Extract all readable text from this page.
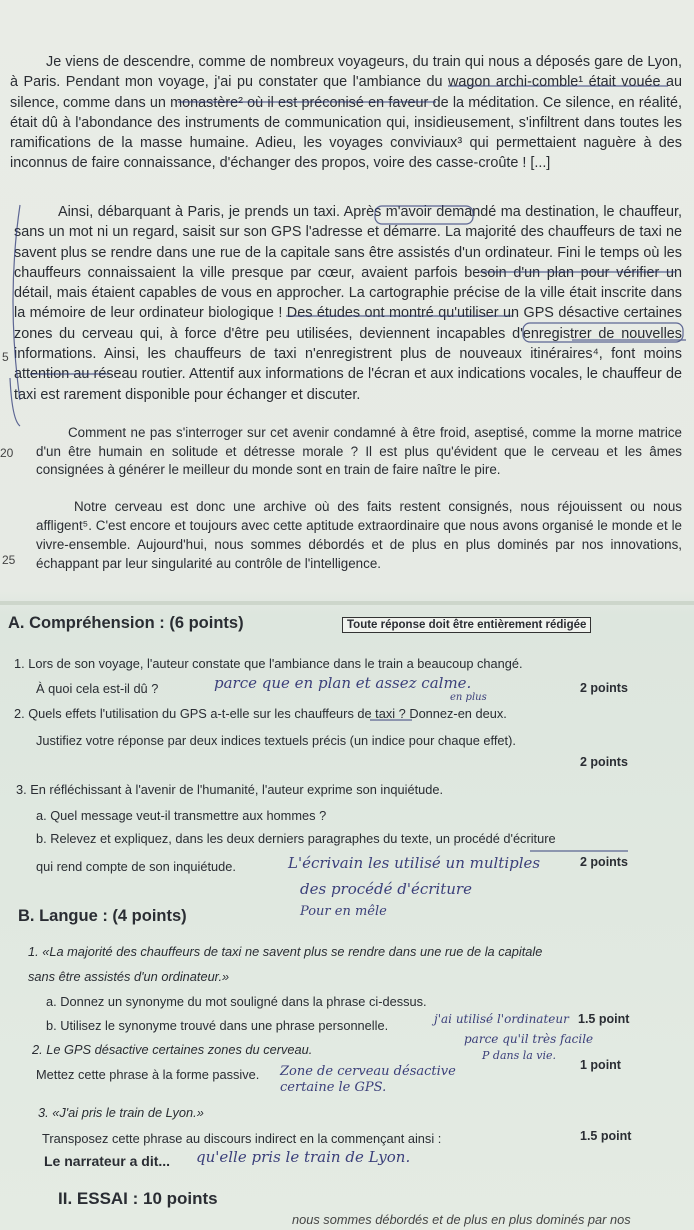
Je viens de descendre, comme de nombreux voyageurs, du train qui nous a déposés gare de Lyon, à Paris. Pendant mon voyage, j'ai pu constater que l'ambiance du wagon archi-comble¹ était vouée au silence, comme dans un monastère² où il est préconisé en faveur de la méditation. Ce silence, en réalité, était dû à l'abondance des instruments de communication qui, insidieusement, s'infiltrent dans toutes les ramifications de la masse humaine. Adieu, les voyages conviviaux³ qui permettaient naguère à des inconnus de faire connaissance, d'échanger des propos, voire des casse-croûte ! [...]
Ainsi, débarquant à Paris, je prends un taxi. Après m'avoir demandé ma destination, le chauffeur, sans un mot ni un regard, saisit sur son GPS l'adresse et démarre. La majorité des chauffeurs de taxi ne savent plus se rendre dans une rue de la capitale sans être assistés d'un ordinateur. Fini le temps où les chauffeurs connaissaient la ville presque par cœur, avaient parfois besoin d'un plan pour vérifier un détail, mais étaient capables de vous en approcher. La cartographie précise de la ville était inscrite dans la mémoire de leur ordinateur biologique ! Des études ont montré qu'utiliser un GPS désactive certaines zones du cerveau qui, à force d'être peu utilisées, deviennent incapables d'enregistrer de nouvelles informations. Ainsi, les chauffeurs de taxi n'enregistrent plus de nouveaux itinéraires⁴, font moins attention au réseau routier. Attentif aux informations de l'écran et aux indications vocales, le chauffeur de taxi est rarement disponible pour échanger et discuter.
Comment ne pas s'interroger sur cet avenir condamné à être froid, aseptisé, comme la morne matrice d'un être humain en solitude et détresse morale ? Il est plus qu'évident que le cerveau et les âmes consignées à générer le meilleur du monde sont en train de faire naître le pire.
Notre cerveau est donc une archive où des faits restent consignés, nous réjouissent ou nous affligent⁵. C'est encore et toujours avec cette aptitude extraordinaire que nous avons organisé le monde et le vivre-ensemble. Aujourd'hui, nous sommes débordés et de plus en plus dominés par nos innovations, échappant par leur singularité au contrôle de l'intelligence.
5
20
25
A. Compréhension : (6 points)	Toute réponse doit être entièrement rédigée
1. Lors de son voyage, l'auteur constate que l'ambiance dans le train a beaucoup changé.
À quoi cela est-il dû ?	parce que en plan et assez calme.
en plus
2 points
2. Quels effets l'utilisation du GPS a-t-elle sur les chauffeurs de taxi ? Donnez-en deux.
Justifiez votre réponse par deux indices textuels précis (un indice pour chaque effet).
2 points
3. En réfléchissant à l'avenir de l'humanité, l'auteur exprime son inquiétude.
a. Quel message veut-il transmettre aux hommes ?
b. Relevez et expliquez, dans les deux derniers paragraphes du texte, un procédé d'écriture
qui rend compte de son inquiétude.	L'écrivain les utilisé un multiples
des procédé d'écriture
Pour en mêle
2 points
B. Langue : (4 points)
1. «La majorité des chauffeurs de taxi ne savent plus se rendre dans une rue de la capitale
sans être assistés d'un ordinateur.»
a. Donnez un synonyme du mot souligné dans la phrase ci-dessus.
b. Utilisez le synonyme trouvé dans une phrase personnelle.	j'ai utilisé l'ordinateur
parce qu'il très facile
P dans la vie.
1.5 point
2. Le GPS désactive certaines zones du cerveau.
Mettez cette phrase à la forme passive. Zone de cerveau désactive certaine le GPS.
1 point
3. «J'ai pris le train de Lyon.»
Transposez cette phrase au discours indirect en la commençant ainsi :	1.5 point
Le narrateur a dit... qu'elle pris le train de Lyon.
II. ESSAI : 10 points
nous sommes débordés et de plus en plus dominés par nos
